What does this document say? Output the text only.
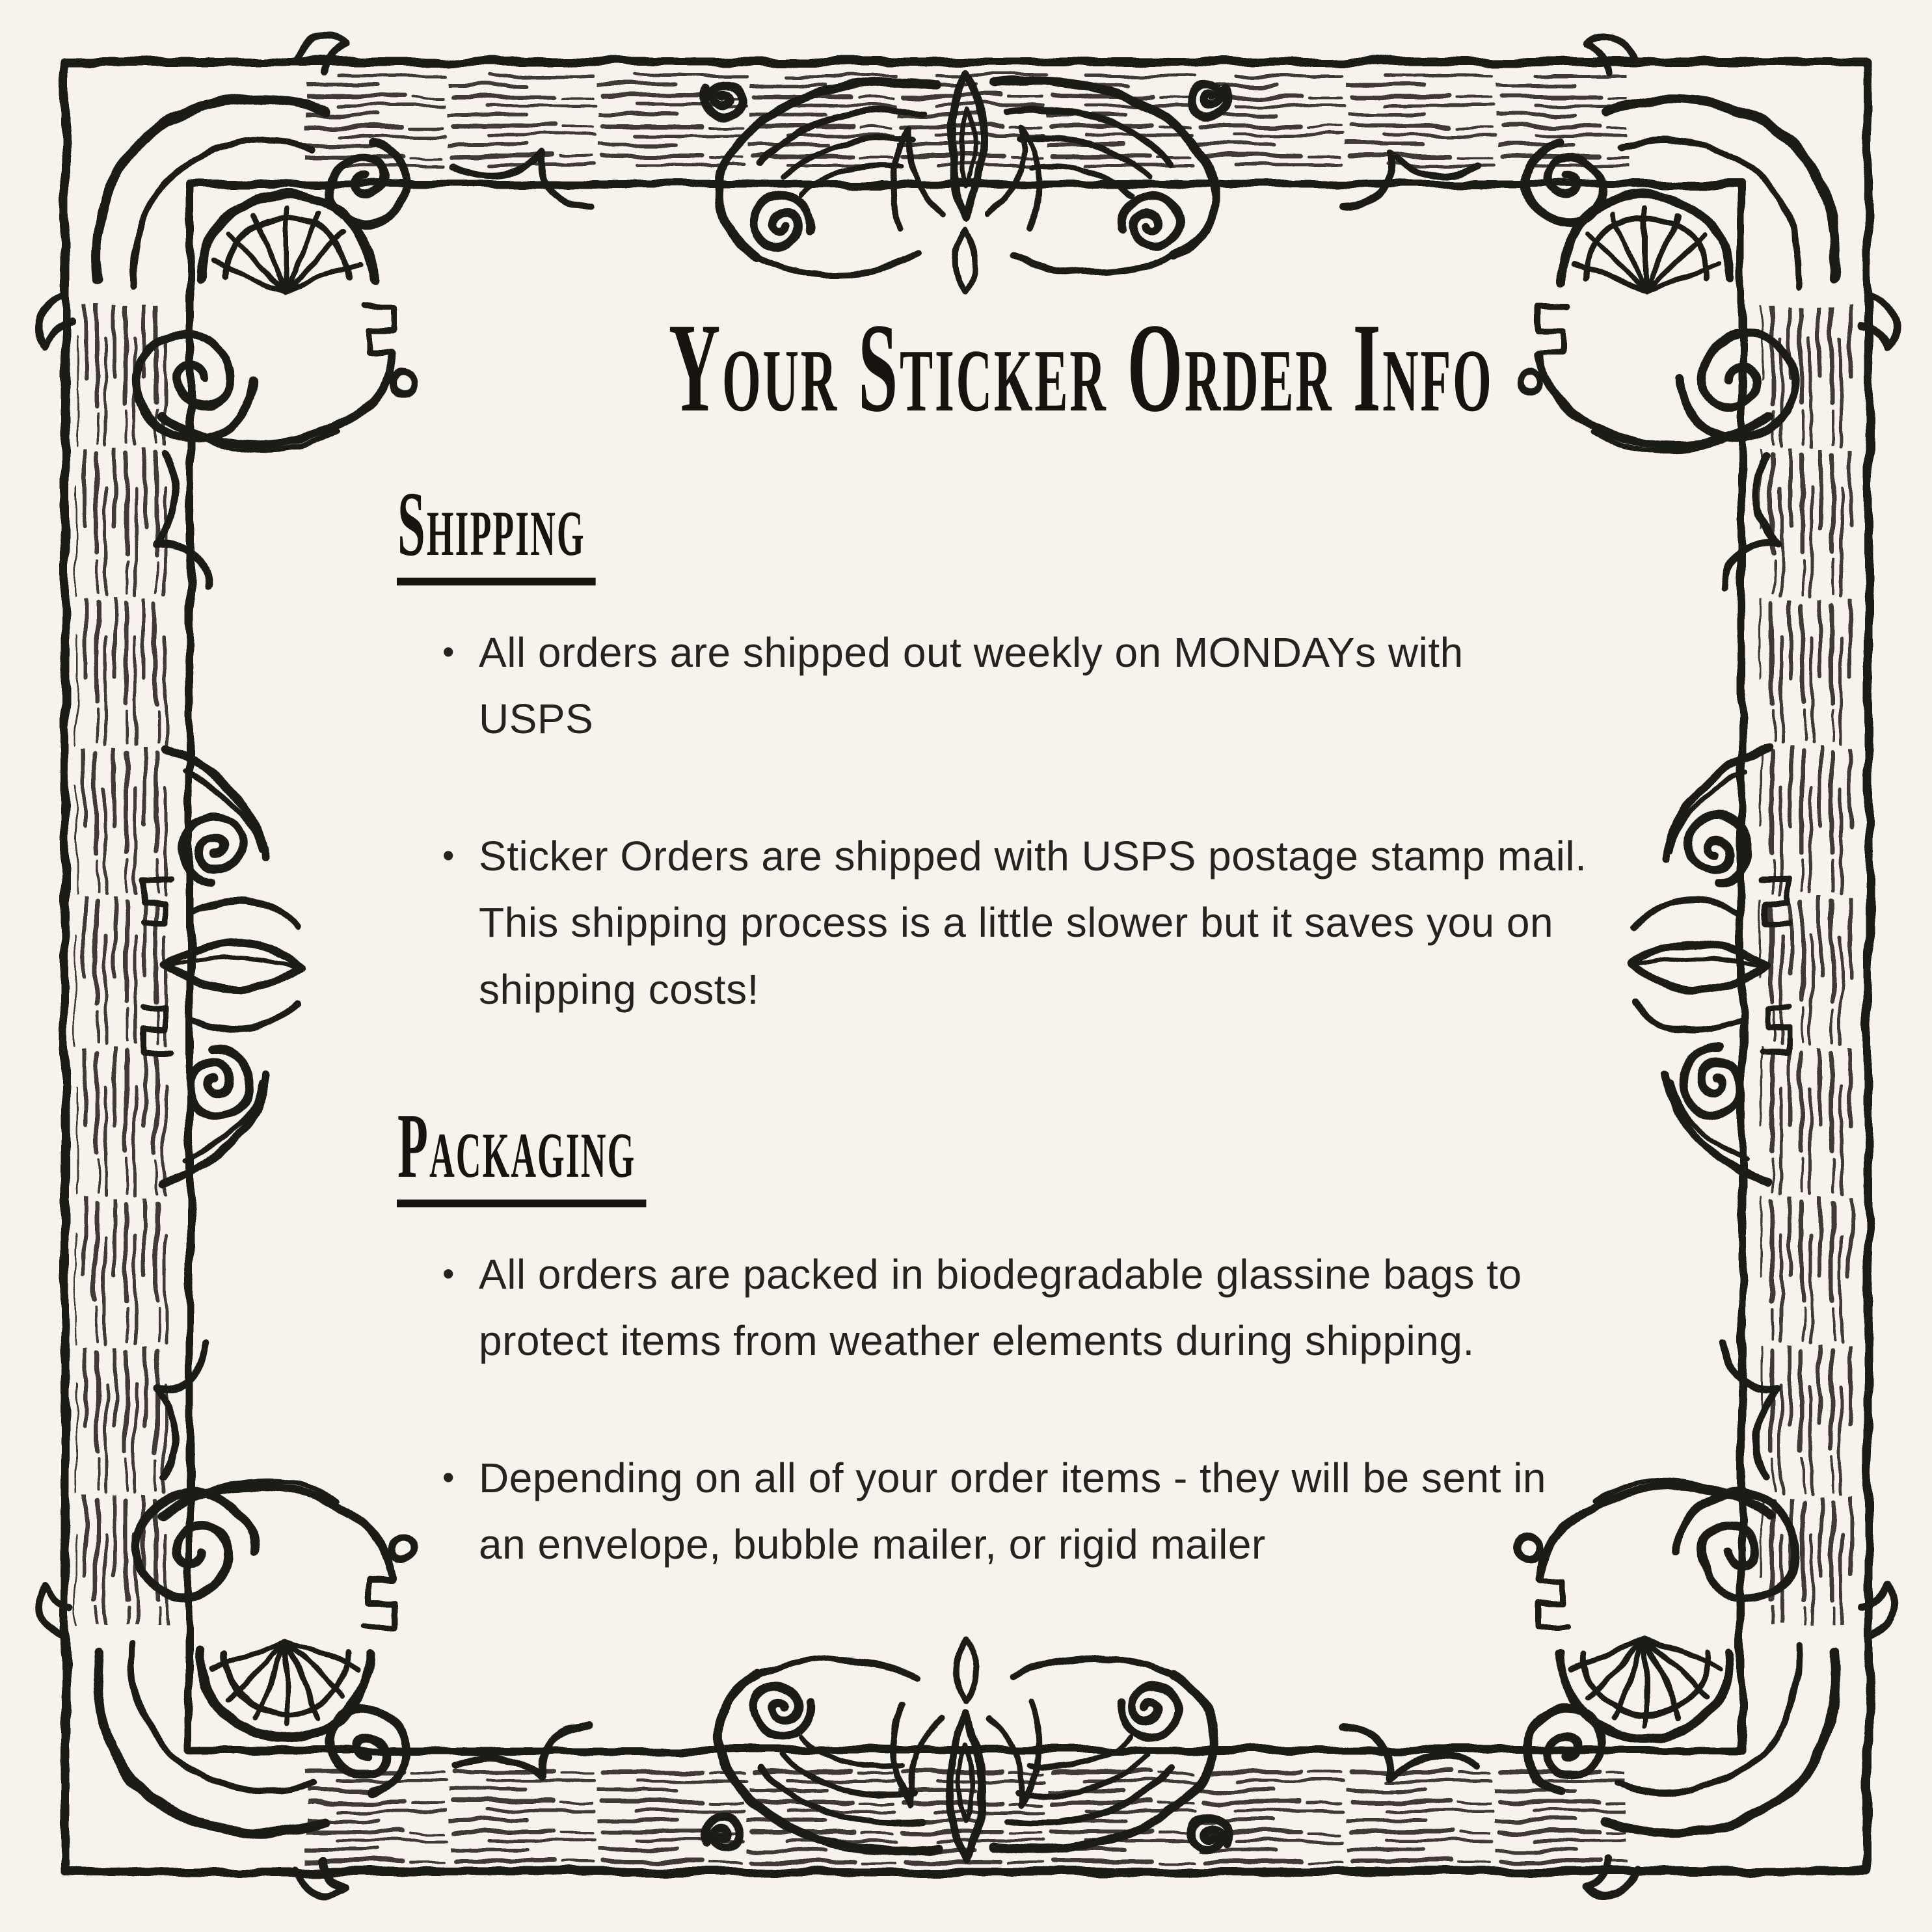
Your Sticker Order Info
Shipping
• All orders are shipped out weekly on MONDAYs with USPS
• Sticker Orders are shipped with USPS postage stamp mail. This shipping process is a little slower but it saves you on shipping costs!
Packaging
• All orders are packed in biodegradable glassine bags to protect items from weather elements during shipping.
• Depending on all of your order items - they will be sent in an envelope, bubble mailer, or rigid mailer
